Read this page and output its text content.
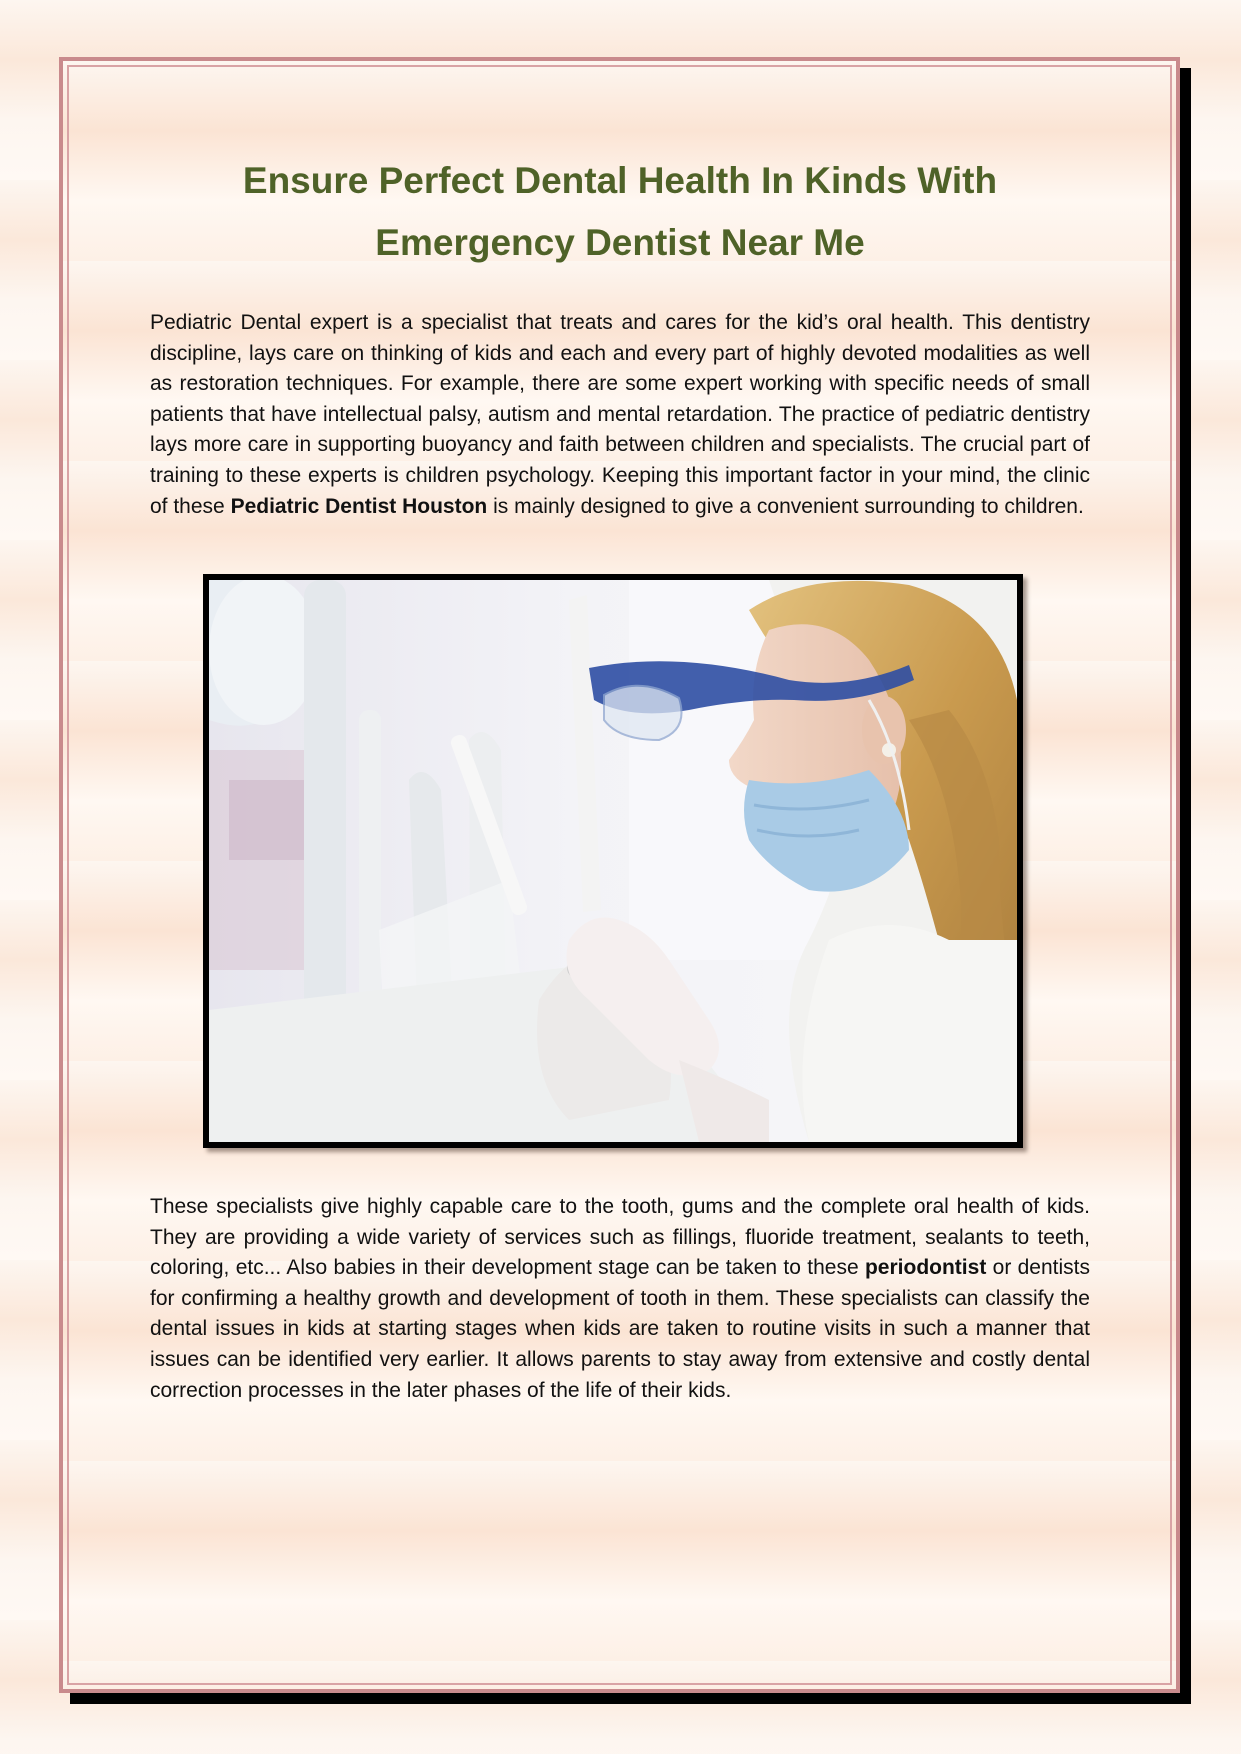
Ensure Perfect Dental Health In Kinds With Emergency Dentist Near Me

Pediatric Dental expert is a specialist that treats and cares for the kid’s oral health. This dentistry discipline, lays care on thinking of kids and each and every part of highly devoted modalities as well as restoration techniques. For example, there are some expert working with specific needs of small patients that have intellectual palsy, autism and mental retardation. The practice of pediatric dentistry lays more care in supporting buoyancy and faith between children and specialists. The crucial part of training to these experts is children psychology. Keeping this important factor in your mind, the clinic of these Pediatric Dentist Houston is mainly designed to give a convenient surrounding to children.

These specialists give highly capable care to the tooth, gums and the complete oral health of kids. They are providing a wide variety of services such as fillings, fluoride treatment, sealants to teeth, coloring, etc... Also babies in their development stage can be taken to these periodontist or dentists for confirming a healthy growth and development of tooth in them. These specialists can classify the dental issues in kids at starting stages when kids are taken to routine visits in such a manner that issues can be identified very earlier. It allows parents to stay away from extensive and costly dental correction processes in the later phases of the life of their kids.
